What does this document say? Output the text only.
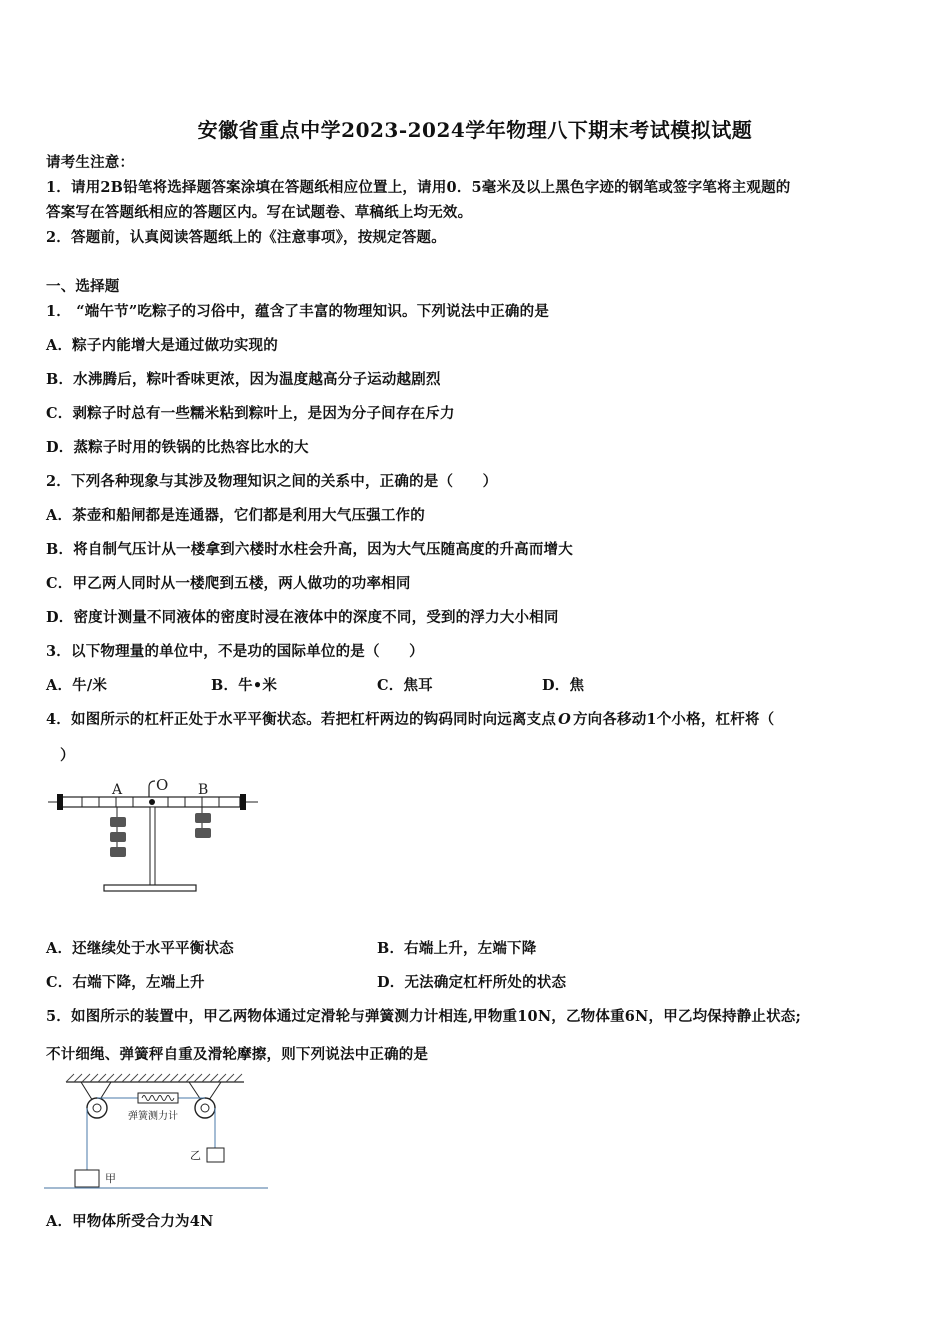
安徽省重点中学2023-2024学年物理八下期末考试模拟试题
请考生注意：
1．请用2B铅笔将选择题答案涂填在答题纸相应位置上，请用0．5毫米及以上黑色字迹的钢笔或签字笔将主观题的
答案写在答题纸相应的答题区内。写在试题卷、草稿纸上均无效。
2．答题前，认真阅读答题纸上的《注意事项》，按规定答题。
一、选择题
1． “端午节”吃粽子的习俗中，蕴含了丰富的物理知识。下列说法中正确的是
A．粽子内能增大是通过做功实现的
B．水沸腾后，粽叶香味更浓，因为温度越高分子运动越剧烈
C．剥粽子时总有一些糯米粘到粽叶上，是因为分子间存在斥力
D．蒸粽子时用的铁锅的比热容比水的大
2．下列各种现象与其涉及物理知识之间的关系中，正确的是（　　）
A．茶壶和船闸都是连通器，它们都是利用大气压强工作的
B．将自制气压计从一楼拿到六楼时水柱会升高，因为大气压随高度的升高而增大
C．甲乙两人同时从一楼爬到五楼，两人做功的功率相同
D．密度计测量不同液体的密度时浸在液体中的深度不同，受到的浮力大小相同
3．以下物理量的单位中，不是功的国际单位的是（　　）
A．牛/米	B．牛•米	C．焦耳	D．焦
4．如图所示的杠杆正处于水平平衡状态。若把杠杆两边的钩码同时向远离支点 O 方向各移动1个小格，杠杆将（
）
A O B
A．还继续处于水平平衡状态	B．右端上升，左端下降
C．右端下降，左端上升	D．无法确定杠杆所处的状态
5．如图所示的装置中，甲乙两物体通过定滑轮与弹簧测力计相连,甲物重10N，乙物体重6N，甲乙均保持静止状态;
不计细绳、弹簧秤自重及滑轮摩擦，则下列说法中正确的是
弹簧测力计
乙
甲
A．甲物体所受合力为4N
